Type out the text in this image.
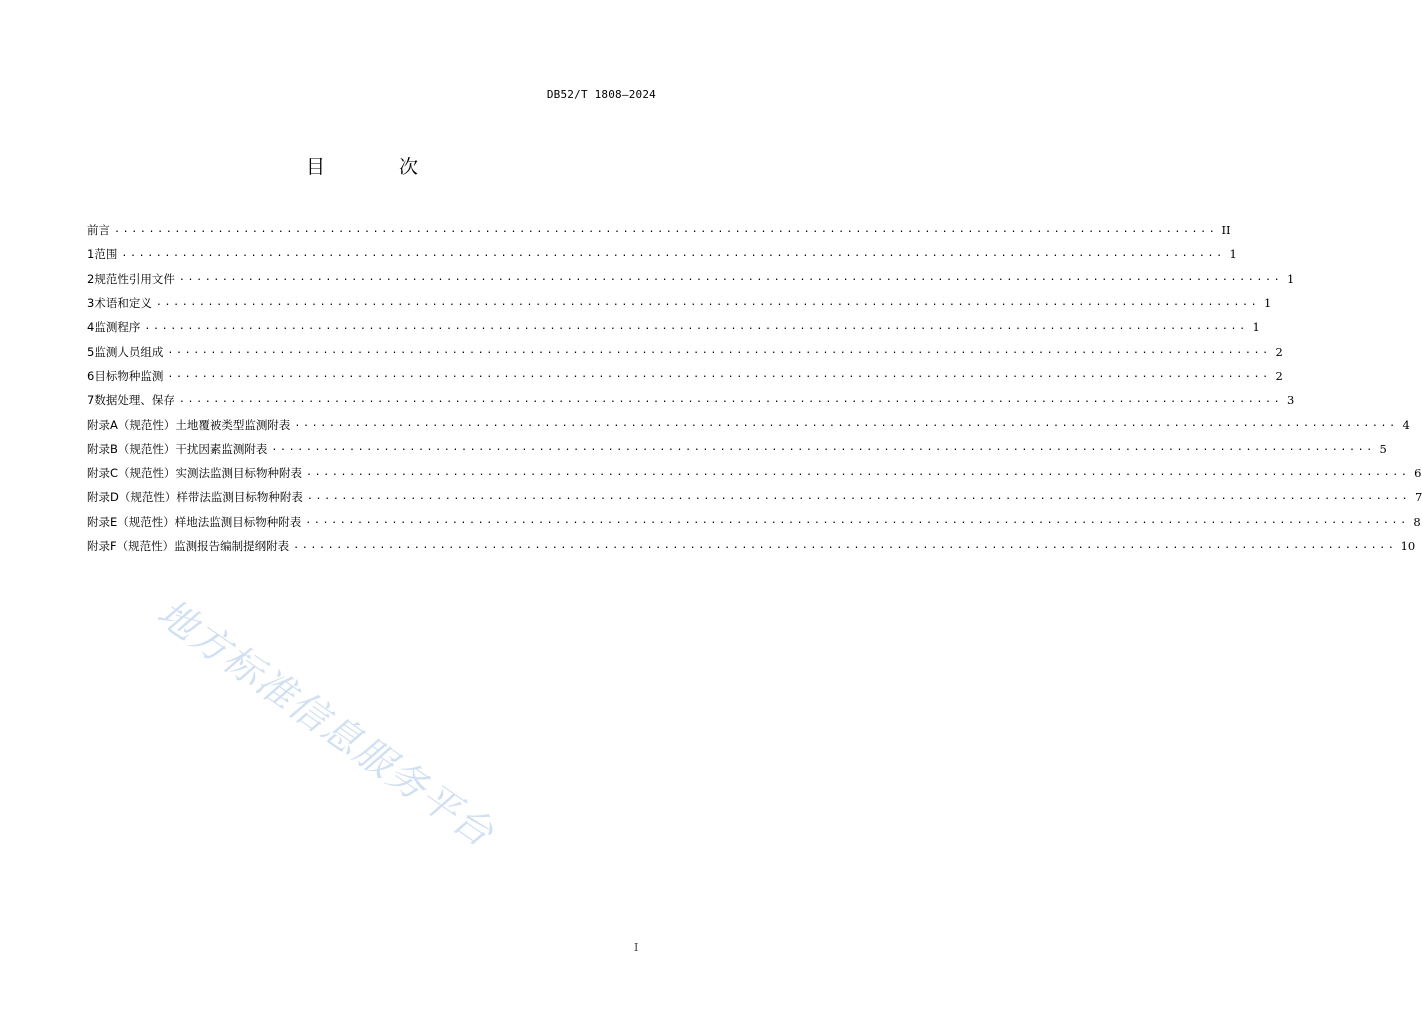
DB52/T 1808—2024
目 次
前言 ................................................................................................................................ II
1 范围 ................................................................................................................................ 1
2 规范性引用文件 ................................................................................................................................ 1
3 术语和定义 ................................................................................................................................ 1
4 监测程序 ................................................................................................................................ 1
5 监测人员组成 ................................................................................................................................ 2
6 目标物种监测 ................................................................................................................................ 2
7 数据处理、保存 ................................................................................................................................ 3
附录A（规范性） 土地覆被类型监测附表 ................................................................................................................................ 4
附录B（规范性） 干扰因素监测附表 ................................................................................................................................ 5
附录C（规范性） 实测法监测目标物种附表 ................................................................................................................................ 6
附录D（规范性） 样带法监测目标物种附表 ................................................................................................................................ 7
附录E（规范性） 样地法监测目标物种附表 ................................................................................................................................ 8
附录F（规范性） 监测报告编制提纲附表 ................................................................................................................................ 10
地方标准信息服务平台
I
